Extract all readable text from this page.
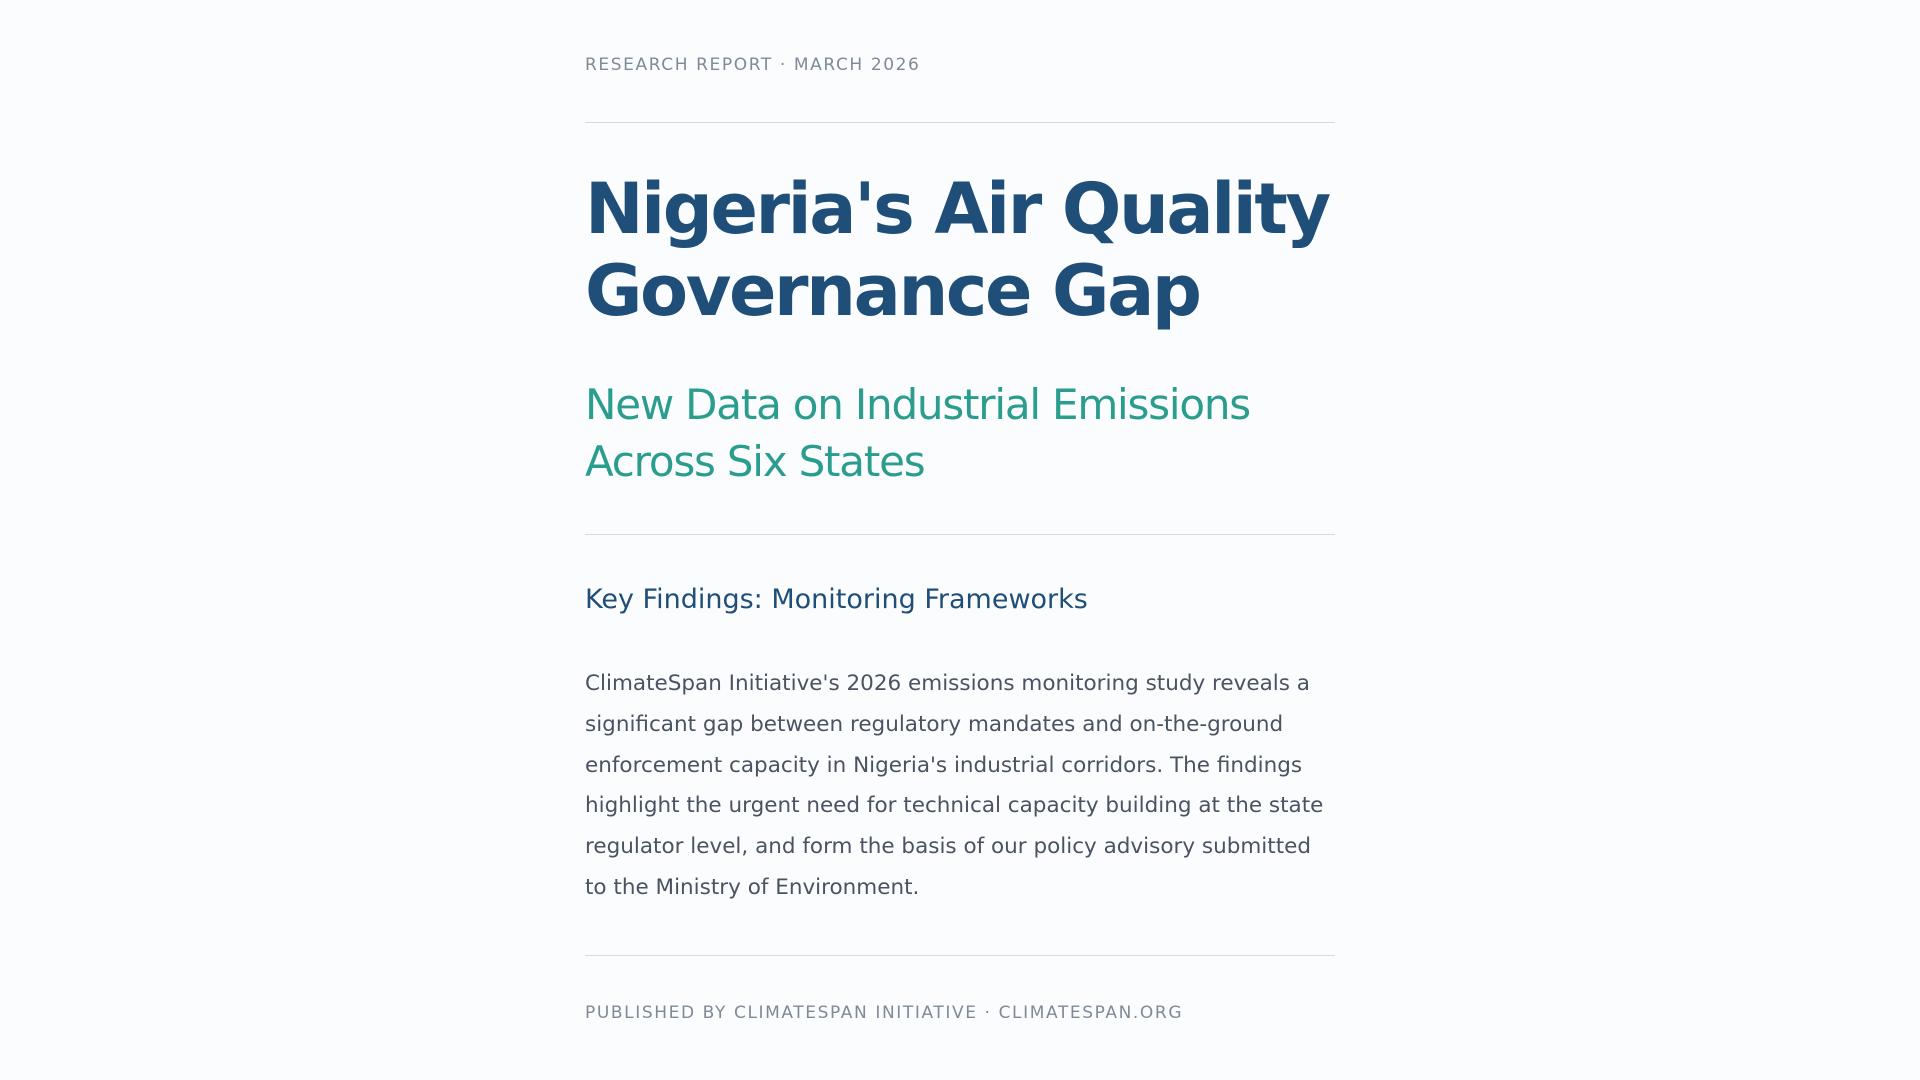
RESEARCH REPORT · MARCH 2026
Nigeria's Air Quality Governance Gap
New Data on Industrial Emissions Across Six States
Key Findings: Monitoring Frameworks

ClimateSpan Initiative's 2026 emissions monitoring study reveals a significant gap between regulatory mandates and on-the-ground enforcement capacity in Nigeria's industrial corridors. The findings highlight the urgent need for technical capacity building at the state regulator level, and form the basis of our policy advisory submitted to the Ministry of Environment.

PUBLISHED BY CLIMATESPAN INITIATIVE · CLIMATESPAN.ORG
